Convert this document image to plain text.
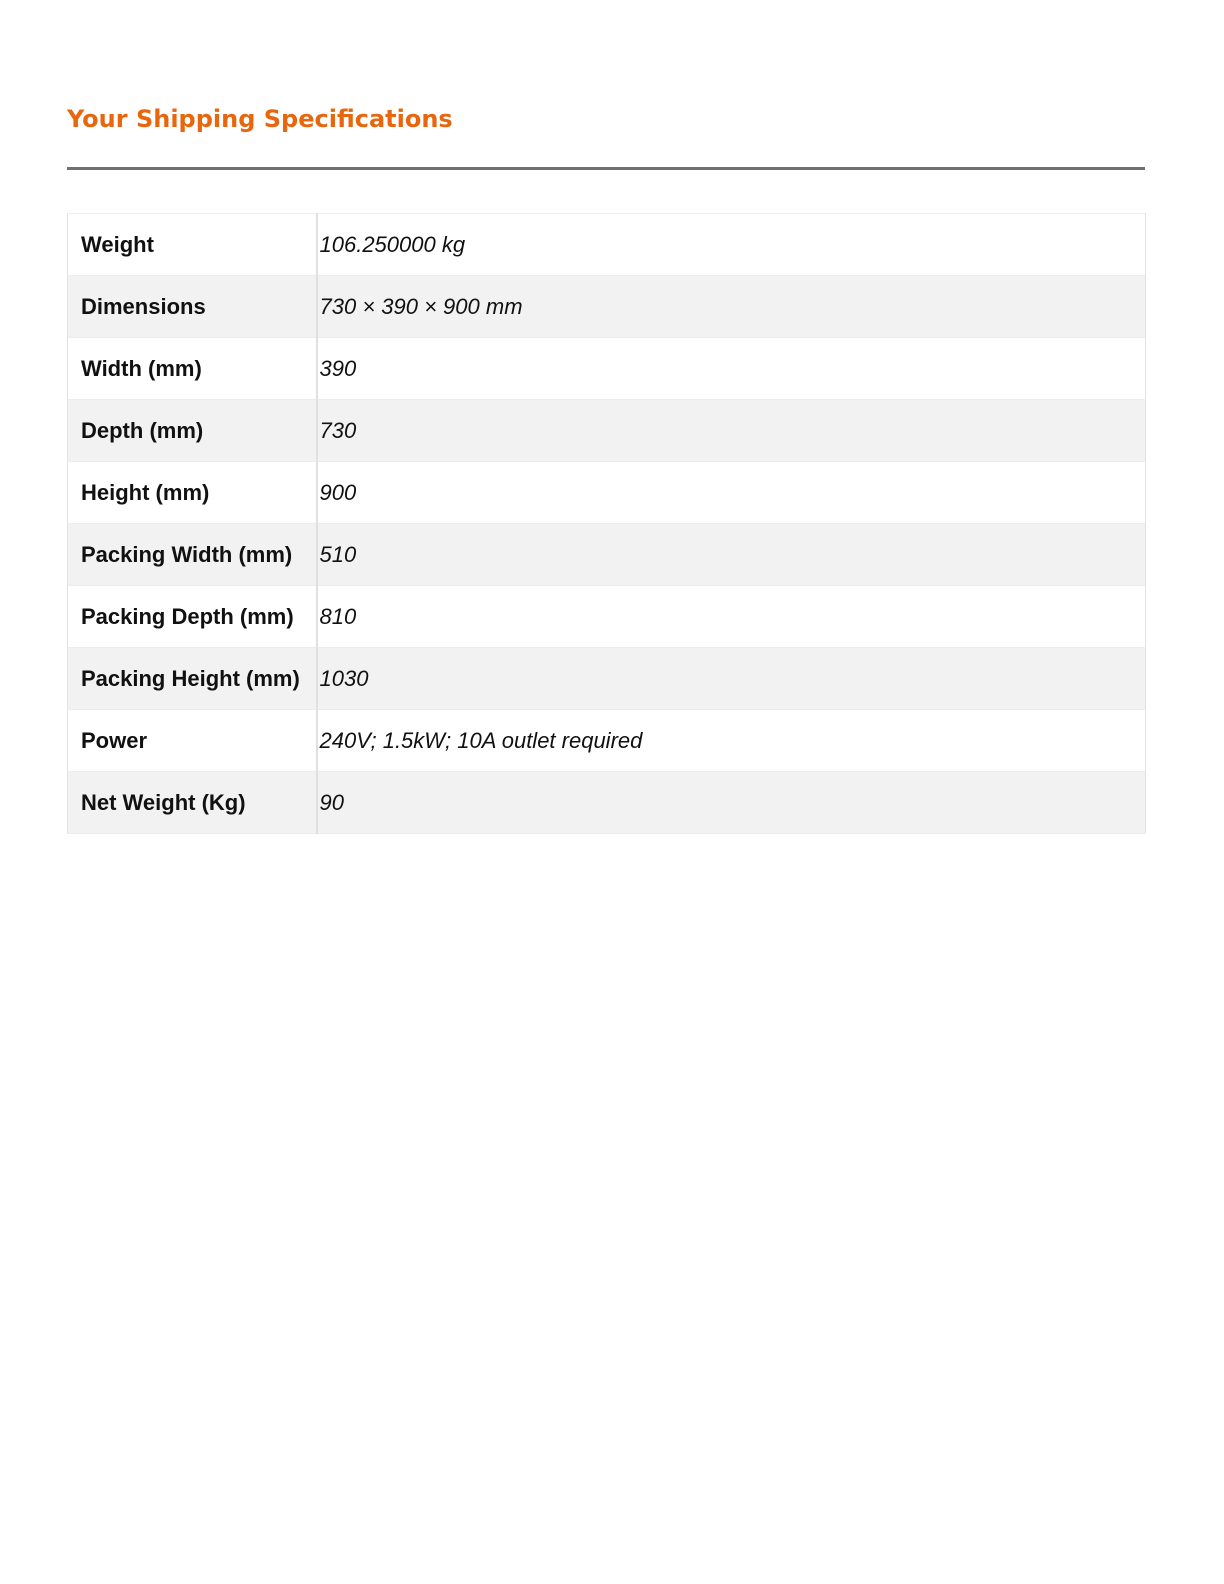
Your Shipping Specifications
Weight	106.250000 kg
Dimensions	730 × 390 × 900 mm
Width (mm)	390
Depth (mm)	730
Height (mm)	900
Packing Width (mm)	510
Packing Depth (mm)	810
Packing Height (mm)	1030
Power	240V; 1.5kW; 10A outlet required
Net Weight (Kg)	90
